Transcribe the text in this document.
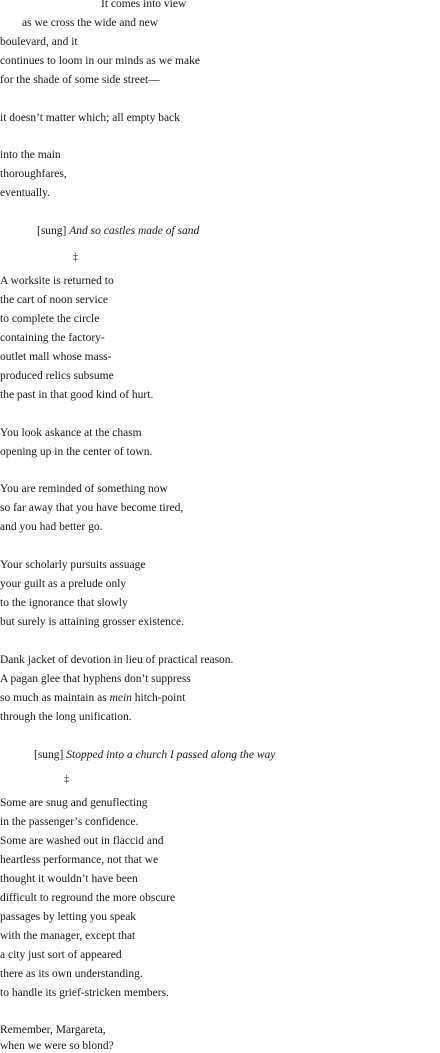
It comes into view
as we cross the wide and new
boulevard, and it
continues to loom in our minds as we make
for the shade of some side street—
it doesn’t matter which; all empty back
into the main
thoroughfares,
eventually.
[sung] And so castles made of sand
‡
A worksite is returned to
the cart of noon service
to complete the circle
containing the factory-
outlet mall whose mass-
produced relics subsume
the past in that good kind of hurt.
You look askance at the chasm
opening up in the center of town.
You are reminded of something now
so far away that you have become tired,
and you had better go.
Your scholarly pursuits assuage
your guilt as a prelude only
to the ignorance that slowly
but surely is attaining grosser existence.
Dank jacket of devotion in lieu of practical reason.
A pagan glee that hyphens don’t suppress
so much as maintain as mein hitch-point
through the long unification.
[sung] Stopped into a church I passed along the way
‡
Some are snug and genuflecting
in the passenger’s confidence.
Some are washed out in flaccid and
heartless performance, not that we
thought it wouldn’t have been
difficult to reground the more obscure
passages by letting you speak
with the manager, except that
a city just sort of appeared
there as its own understanding.
to handle its grief-stricken members.
Remember, Margareta,
when we were so blond?
